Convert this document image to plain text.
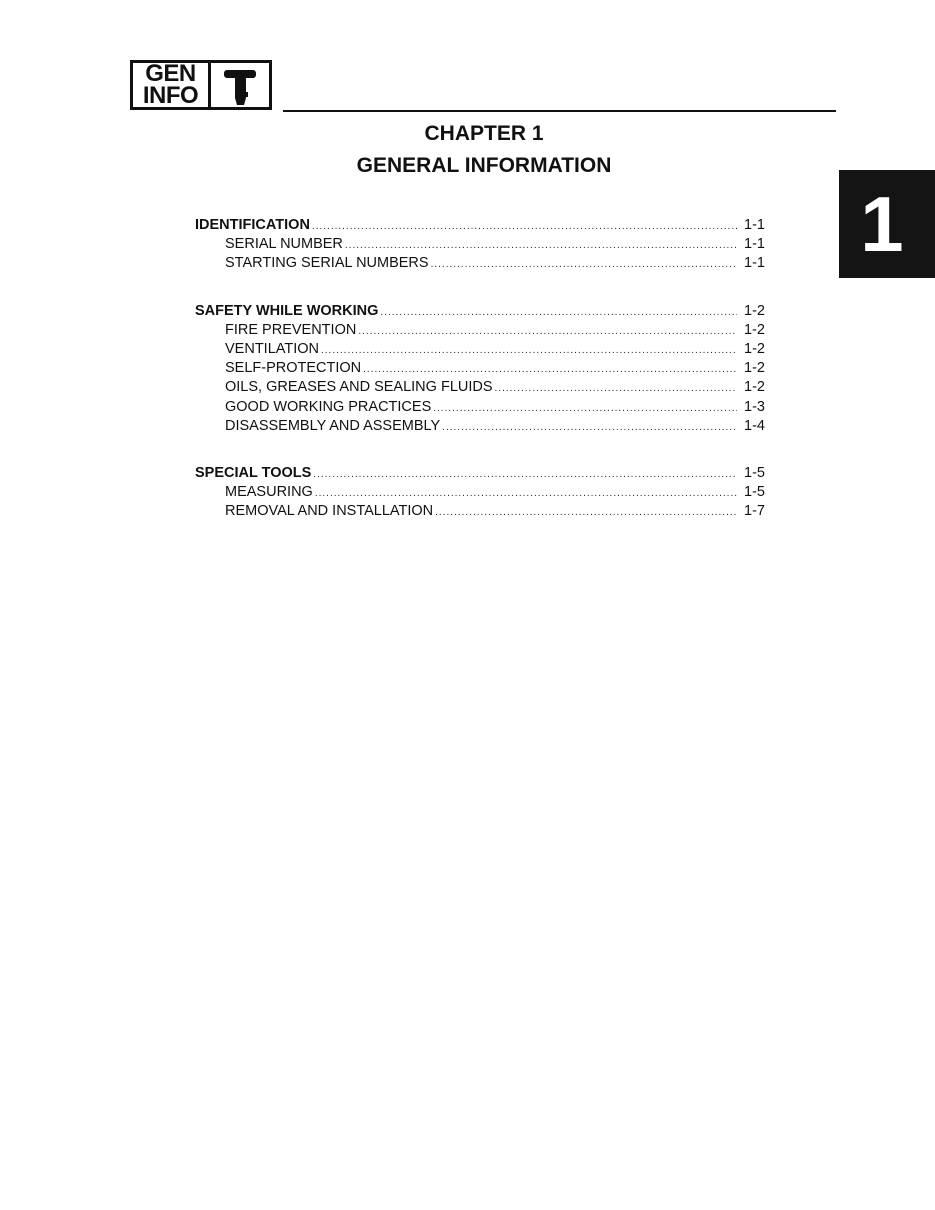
GEN
INFO
CHAPTER 1
GENERAL INFORMATION
1
IDENTIFICATION .....	1-1
SERIAL NUMBER .....	1-1
STARTING SERIAL NUMBERS .....	1-1
SAFETY WHILE WORKING .....	1-2
FIRE PREVENTION .....	1-2
VENTILATION .....	1-2
SELF-PROTECTION .....	1-2
OILS, GREASES AND SEALING FLUIDS .....	1-2
GOOD WORKING PRACTICES .....	1-3
DISASSEMBLY AND ASSEMBLY .....	1-4
SPECIAL TOOLS .....	1-5
MEASURING .....	1-5
REMOVAL AND INSTALLATION .....	1-7
